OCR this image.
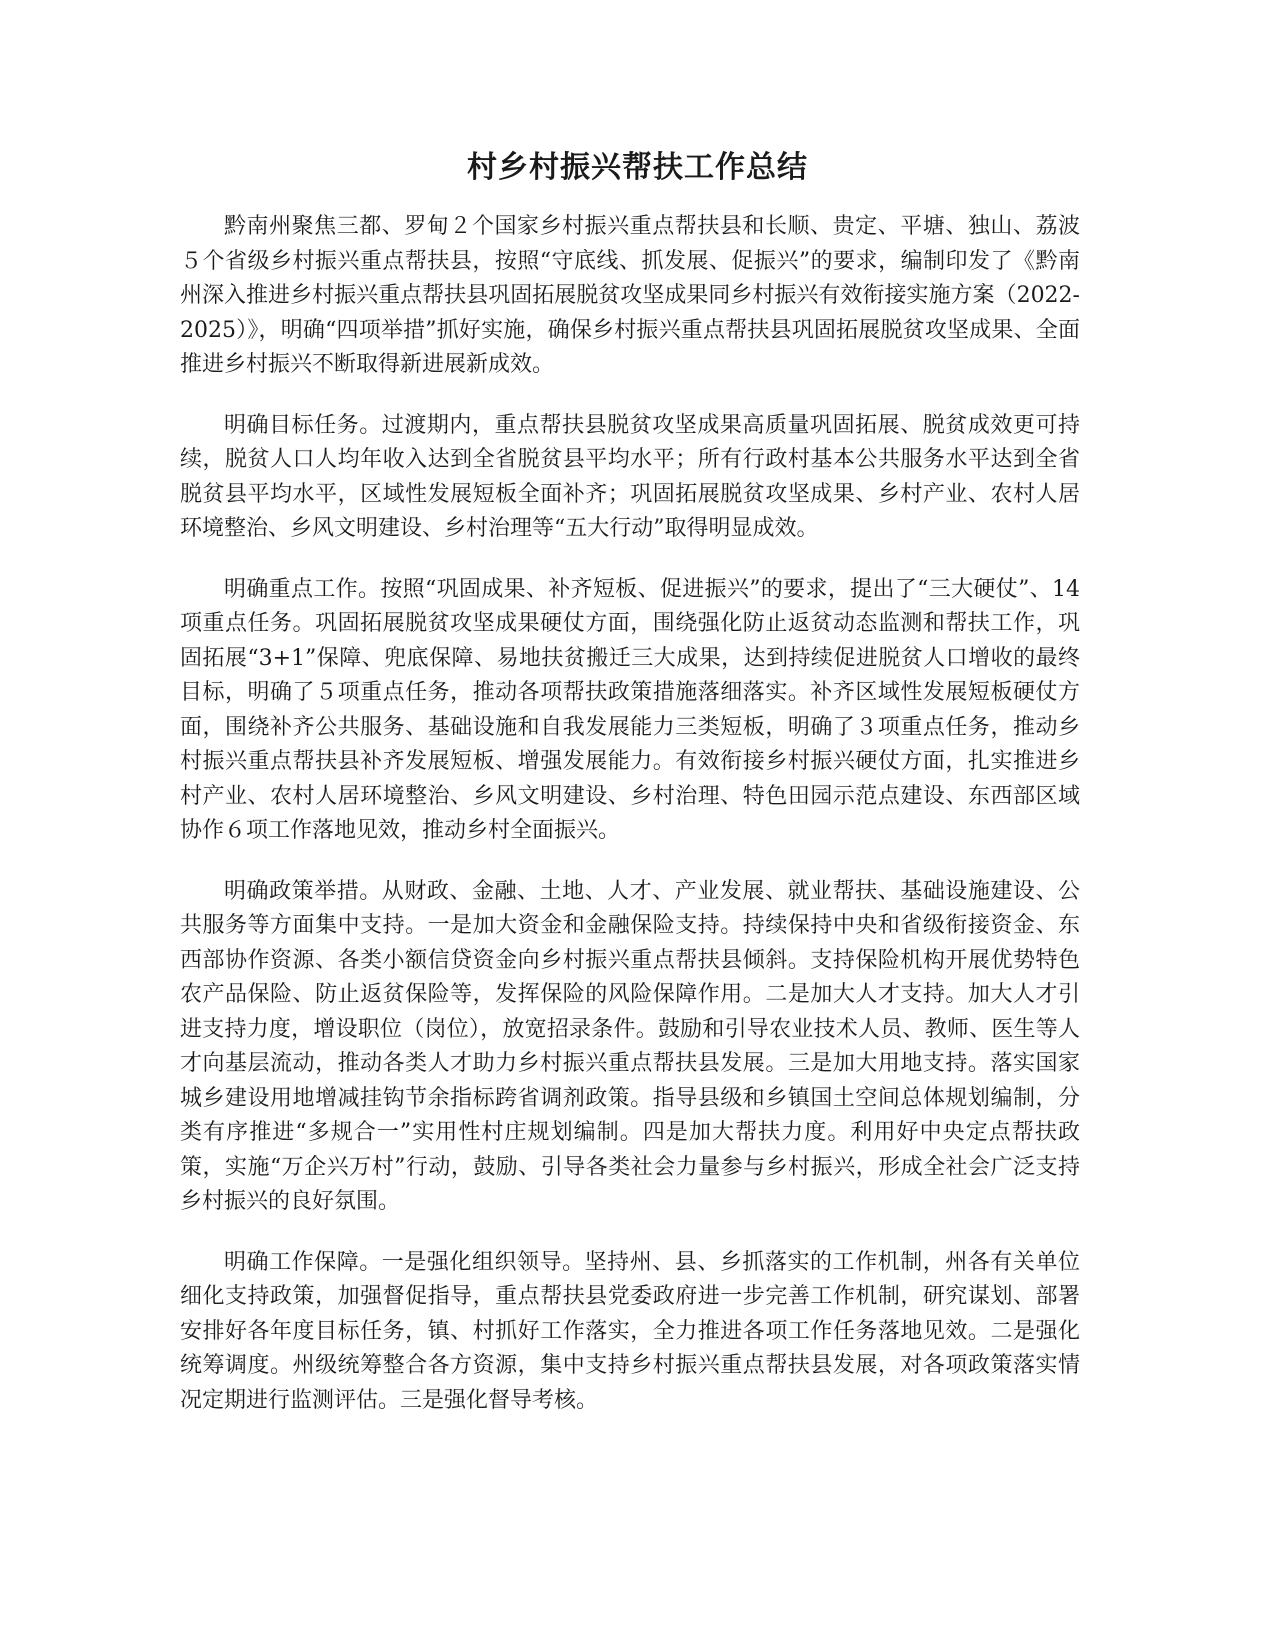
村乡村振兴帮扶工作总结

黔南州聚焦三都、罗甸２个国家乡村振兴重点帮扶县和长顺、贵定、平塘、独山、荔波５个省级乡村振兴重点帮扶县，按照“守底线、抓发展、促振兴”的要求，编制印发了《黔南州深入推进乡村振兴重点帮扶县巩固拓展脱贫攻坚成果同乡村振兴有效衔接实施方案（2022-2025）》，明确“四项举措”抓好实施，确保乡村振兴重点帮扶县巩固拓展脱贫攻坚成果、全面推进乡村振兴不断取得新进展新成效。

明确目标任务。过渡期内，重点帮扶县脱贫攻坚成果高质量巩固拓展、脱贫成效更可持续，脱贫人口人均年收入达到全省脱贫县平均水平；所有行政村基本公共服务水平达到全省脱贫县平均水平，区域性发展短板全面补齐；巩固拓展脱贫攻坚成果、乡村产业、农村人居环境整治、乡风文明建设、乡村治理等“五大行动”取得明显成效。

明确重点工作。按照“巩固成果、补齐短板、促进振兴”的要求，提出了“三大硬仗”、14项重点任务。巩固拓展脱贫攻坚成果硬仗方面，围绕强化防止返贫动态监测和帮扶工作，巩固拓展“3+1”保障、兜底保障、易地扶贫搬迁三大成果，达到持续促进脱贫人口增收的最终目标，明确了５项重点任务，推动各项帮扶政策措施落细落实。补齐区域性发展短板硬仗方面，围绕补齐公共服务、基础设施和自我发展能力三类短板，明确了３项重点任务，推动乡村振兴重点帮扶县补齐发展短板、增强发展能力。有效衔接乡村振兴硬仗方面，扎实推进乡村产业、农村人居环境整治、乡风文明建设、乡村治理、特色田园示范点建设、东西部区域协作６项工作落地见效，推动乡村全面振兴。

明确政策举措。从财政、金融、土地、人才、产业发展、就业帮扶、基础设施建设、公共服务等方面集中支持。一是加大资金和金融保险支持。持续保持中央和省级衔接资金、东西部协作资源、各类小额信贷资金向乡村振兴重点帮扶县倾斜。支持保险机构开展优势特色农产品保险、防止返贫保险等，发挥保险的风险保障作用。二是加大人才支持。加大人才引进支持力度，增设职位（岗位），放宽招录条件。鼓励和引导农业技术人员、教师、医生等人才向基层流动，推动各类人才助力乡村振兴重点帮扶县发展。三是加大用地支持。落实国家城乡建设用地增减挂钩节余指标跨省调剂政策。指导县级和乡镇国土空间总体规划编制，分类有序推进“多规合一”实用性村庄规划编制。四是加大帮扶力度。利用好中央定点帮扶政策，实施“万企兴万村”行动，鼓励、引导各类社会力量参与乡村振兴，形成全社会广泛支持乡村振兴的良好氛围。

明确工作保障。一是强化组织领导。坚持州、县、乡抓落实的工作机制，州各有关单位细化支持政策，加强督促指导，重点帮扶县党委政府进一步完善工作机制，研究谋划、部署安排好各年度目标任务，镇、村抓好工作落实，全力推进各项工作任务落地见效。二是强化统筹调度。州级统筹整合各方资源，集中支持乡村振兴重点帮扶县发展，对各项政策落实情况定期进行监测评估。三是强化督导考核。
